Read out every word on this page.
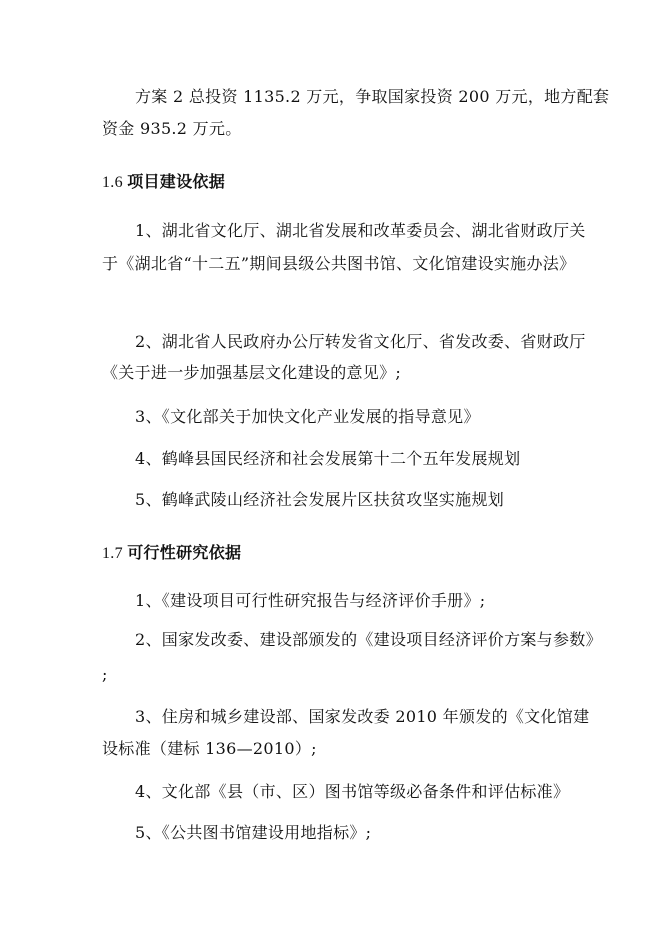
方案 2 总投资 1135.2 万元，争取国家投资 200 万元，地方配套
资金 935.2 万元。
1.6 项目建设依据
1、湖北省文化厅、湖北省发展和改革委员会、湖北省财政厅关
于《湖北省“十二五”期间县级公共图书馆、文化馆建设实施办法》
2、湖北省人民政府办公厅转发省文化厅、省发改委、省财政厅
《关于进一步加强基层文化建设的意见》;
3、《文化部关于加快文化产业发展的指导意见》
4、鹤峰县国民经济和社会发展第十二个五年发展规划
5、鹤峰武陵山经济社会发展片区扶贫攻坚实施规划
1.7 可行性研究依据
1、《建设项目可行性研究报告与经济评价手册》;
2、国家发改委、建设部颁发的《建设项目经济评价方案与参数》
;
3、住房和城乡建设部、国家发改委 2010 年颁发的《文化馆建
设标准（建标 136—2010）;
4、文化部《县（市、区）图书馆等级必备条件和评估标准》
5、《公共图书馆建设用地指标》;
